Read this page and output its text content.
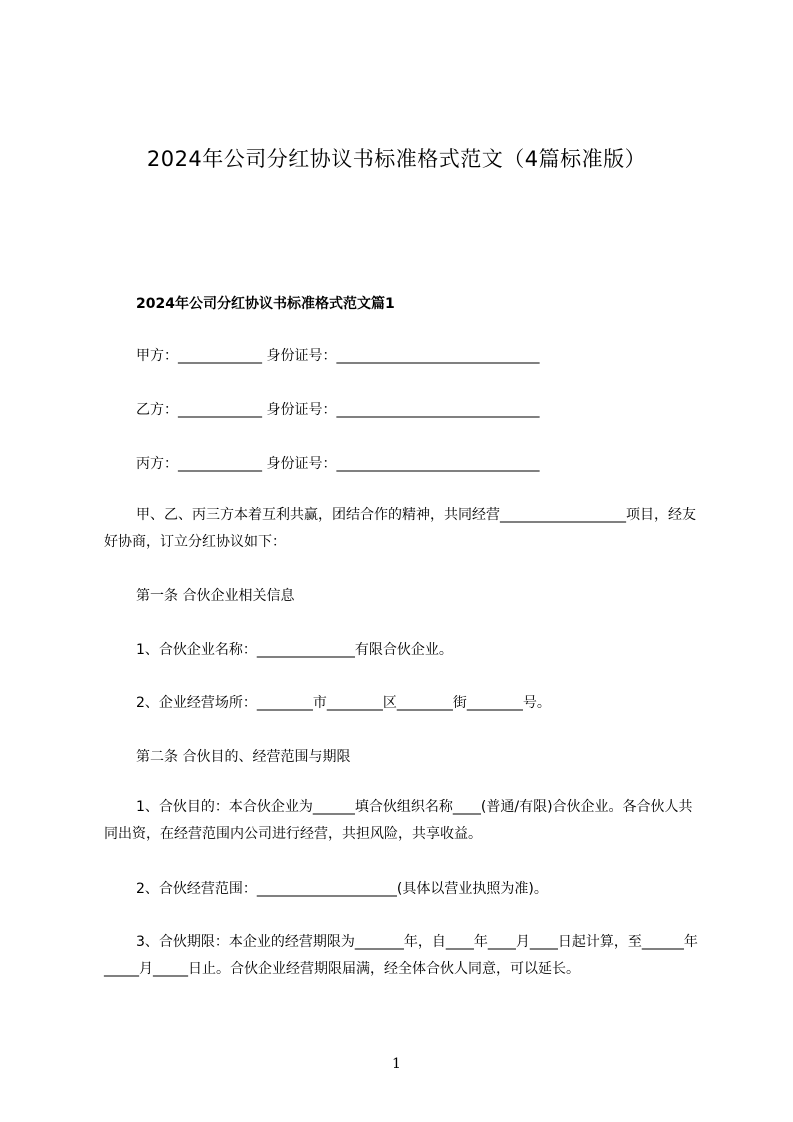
2024年公司分红协议书标准格式范文（4篇标准版）
2024年公司分红协议书标准格式范文篇1
甲方：____________ 身份证号：_____________________________
乙方：____________ 身份证号：_____________________________
丙方：____________ 身份证号：_____________________________

甲、乙、丙三方本着互利共赢，团结合作的精神，共同经营__________________项目，经友好协商，订立分红协议如下：

第一条 合伙企业相关信息
1、合伙企业名称：______________有限合伙企业。
2、企业经营场所：________市________区________街________号。
第二条 合伙目的、经营范围与期限

1、合伙目的：本合伙企业为______填合伙组织名称____(普通/有限)合伙企业。各合伙人共同出资，在经营范围内公司进行经营，共担风险，共享收益。

2、合伙经营范围：____________________(具体以营业执照为准)。

3、合伙期限：本企业的经营期限为_______年，自____年____月____日起计算，至______年_____月_____日止。合伙企业经营期限届满，经全体合伙人同意，可以延长。

1
